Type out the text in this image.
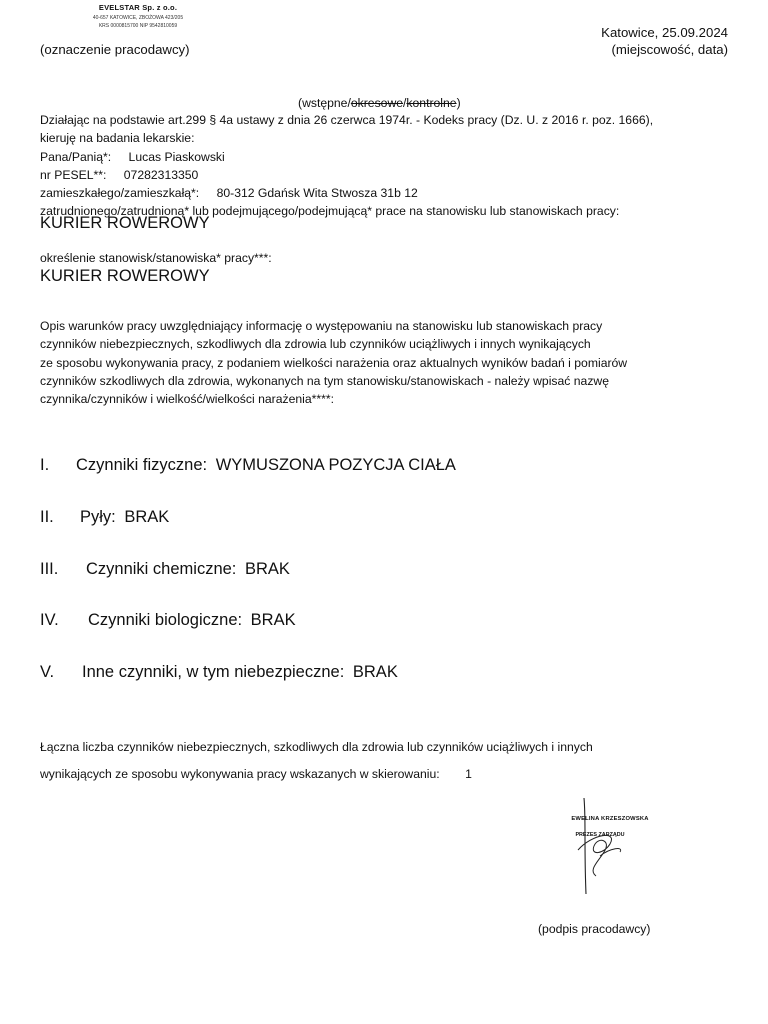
EVELSTAR Sp. z o.o.
40-657 KATOWICE, ZBOŻOWA 423/205
KRS 0000815700 NIP 9542810059	Katowice, 25.09.2024
(oznaczenie pracodawcy)	(miejscowość, data)
(wstępne/okresowe/kontrolne)
Działając na podstawie art.299 § 4a ustawy z dnia 26 czerwca 1974r. - Kodeks pracy (Dz. U. z 2016 r. poz. 1666),
kieruję na badania lekarskie:
Pana/Panią*: Lucas Piaskowski
nr PESEL**: 07282313350
zamieszkałego/zamieszkałą*: 80-312 Gdańsk Wita Stwosza 31b 12
zatrudnionego/zatrudnioną* lub podejmującego/podejmującą* prace na stanowisku lub stanowiskach pracy:
KURIER ROWEROWY
określenie stanowisk/stanowiska* pracy***:
KURIER ROWEROWY
Opis warunków pracy uwzględniający informację o występowaniu na stanowisku lub stanowiskach pracy
czynników niebezpiecznych, szkodliwych dla zdrowia lub czynników uciążliwych i innych wynikających
ze sposobu wykonywania pracy, z podaniem wielkości narażenia oraz aktualnych wyników badań i pomiarów
czynników szkodliwych dla zdrowia, wykonanych na tym stanowisku/stanowiskach - należy wpisać nazwę
czynnika/czynników i wielkość/wielkości narażenia****:
I. Czynniki fizyczne: WYMUSZONA POZYCJA CIAŁA
II. Pyły: BRAK
III. Czynniki chemiczne: BRAK
IV. Czynniki biologiczne: BRAK
V. Inne czynniki, w tym niebezpieczne: BRAK
Łączna liczba czynników niebezpiecznych, szkodliwych dla zdrowia lub czynników uciążliwych i innych
wynikających ze sposobu wykonywania pracy wskazanych w skierowaniu: 1
EWELINA KRZESZOWSKA
PREZES ZARZĄDU
(podpis pracodawcy)
